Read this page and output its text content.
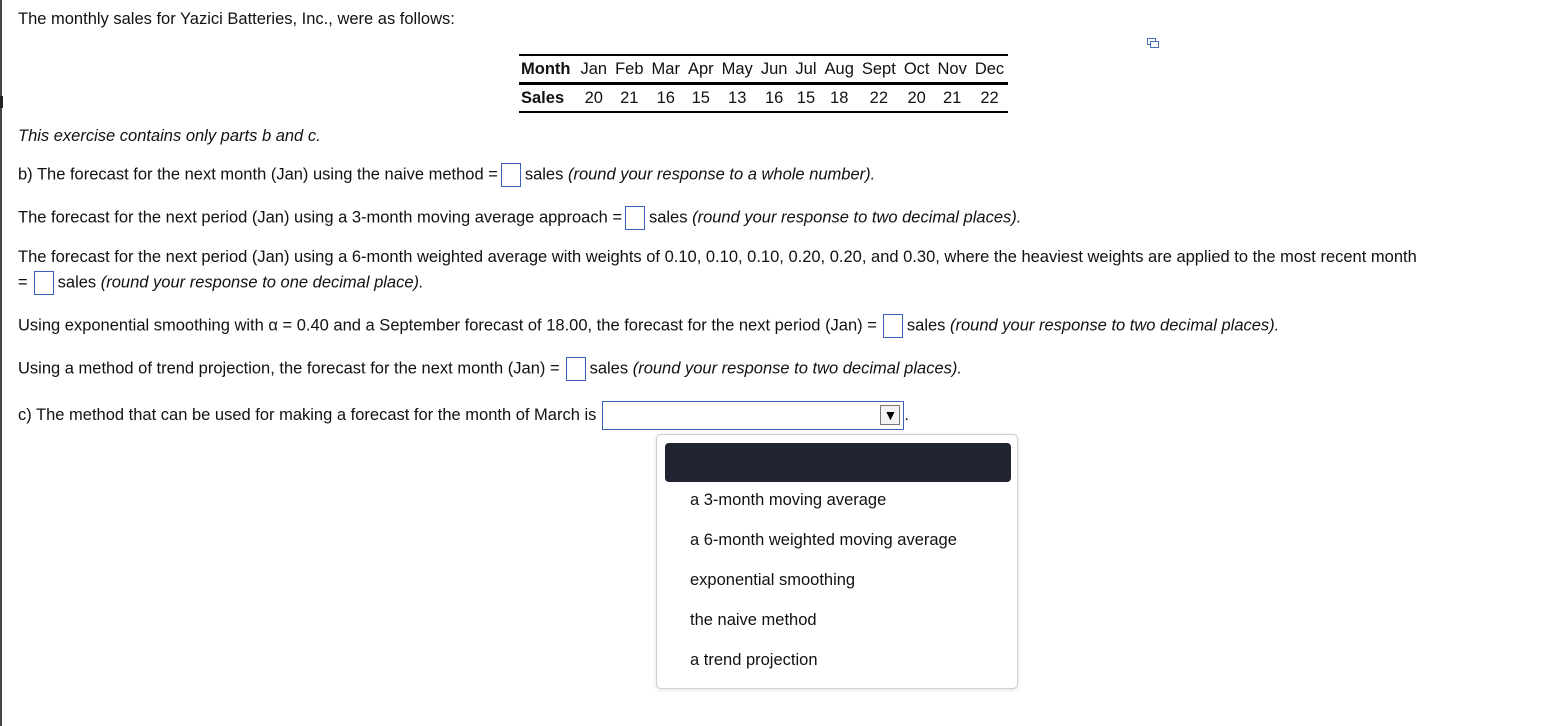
The monthly sales for Yazici Batteries, Inc., were as follows:
Month	Jan	Feb	Mar	Apr	May	Jun	Jul	Aug	Sept	Oct	Nov	Dec
Sales	20	21	16	15	13	16	15	18	22	20	21	22
This exercise contains only parts b and c.
b) The forecast for the next month (Jan) using the naive method = sales (round your response to a whole number).
The forecast for the next period (Jan) using a 3-month moving average approach = sales (round your response to two decimal places).
The forecast for the next period (Jan) using a 6-month weighted average with weights of 0.10, 0.10, 0.10, 0.20, 0.20, and 0.30, where the heaviest weights are applied to the most recent month
= sales (round your response to one decimal place).
Using exponential smoothing with α = 0.40 and a September forecast of 18.00, the forecast for the next period (Jan) = sales (round your response to two decimal places).
Using a method of trend projection, the forecast for the next month (Jan) = sales (round your response to two decimal places).
c) The method that can be used for making a forecast for the month of March is	▼ .
a 3-month moving average
a 6-month weighted moving average
exponential smoothing
the naive method
a trend projection
